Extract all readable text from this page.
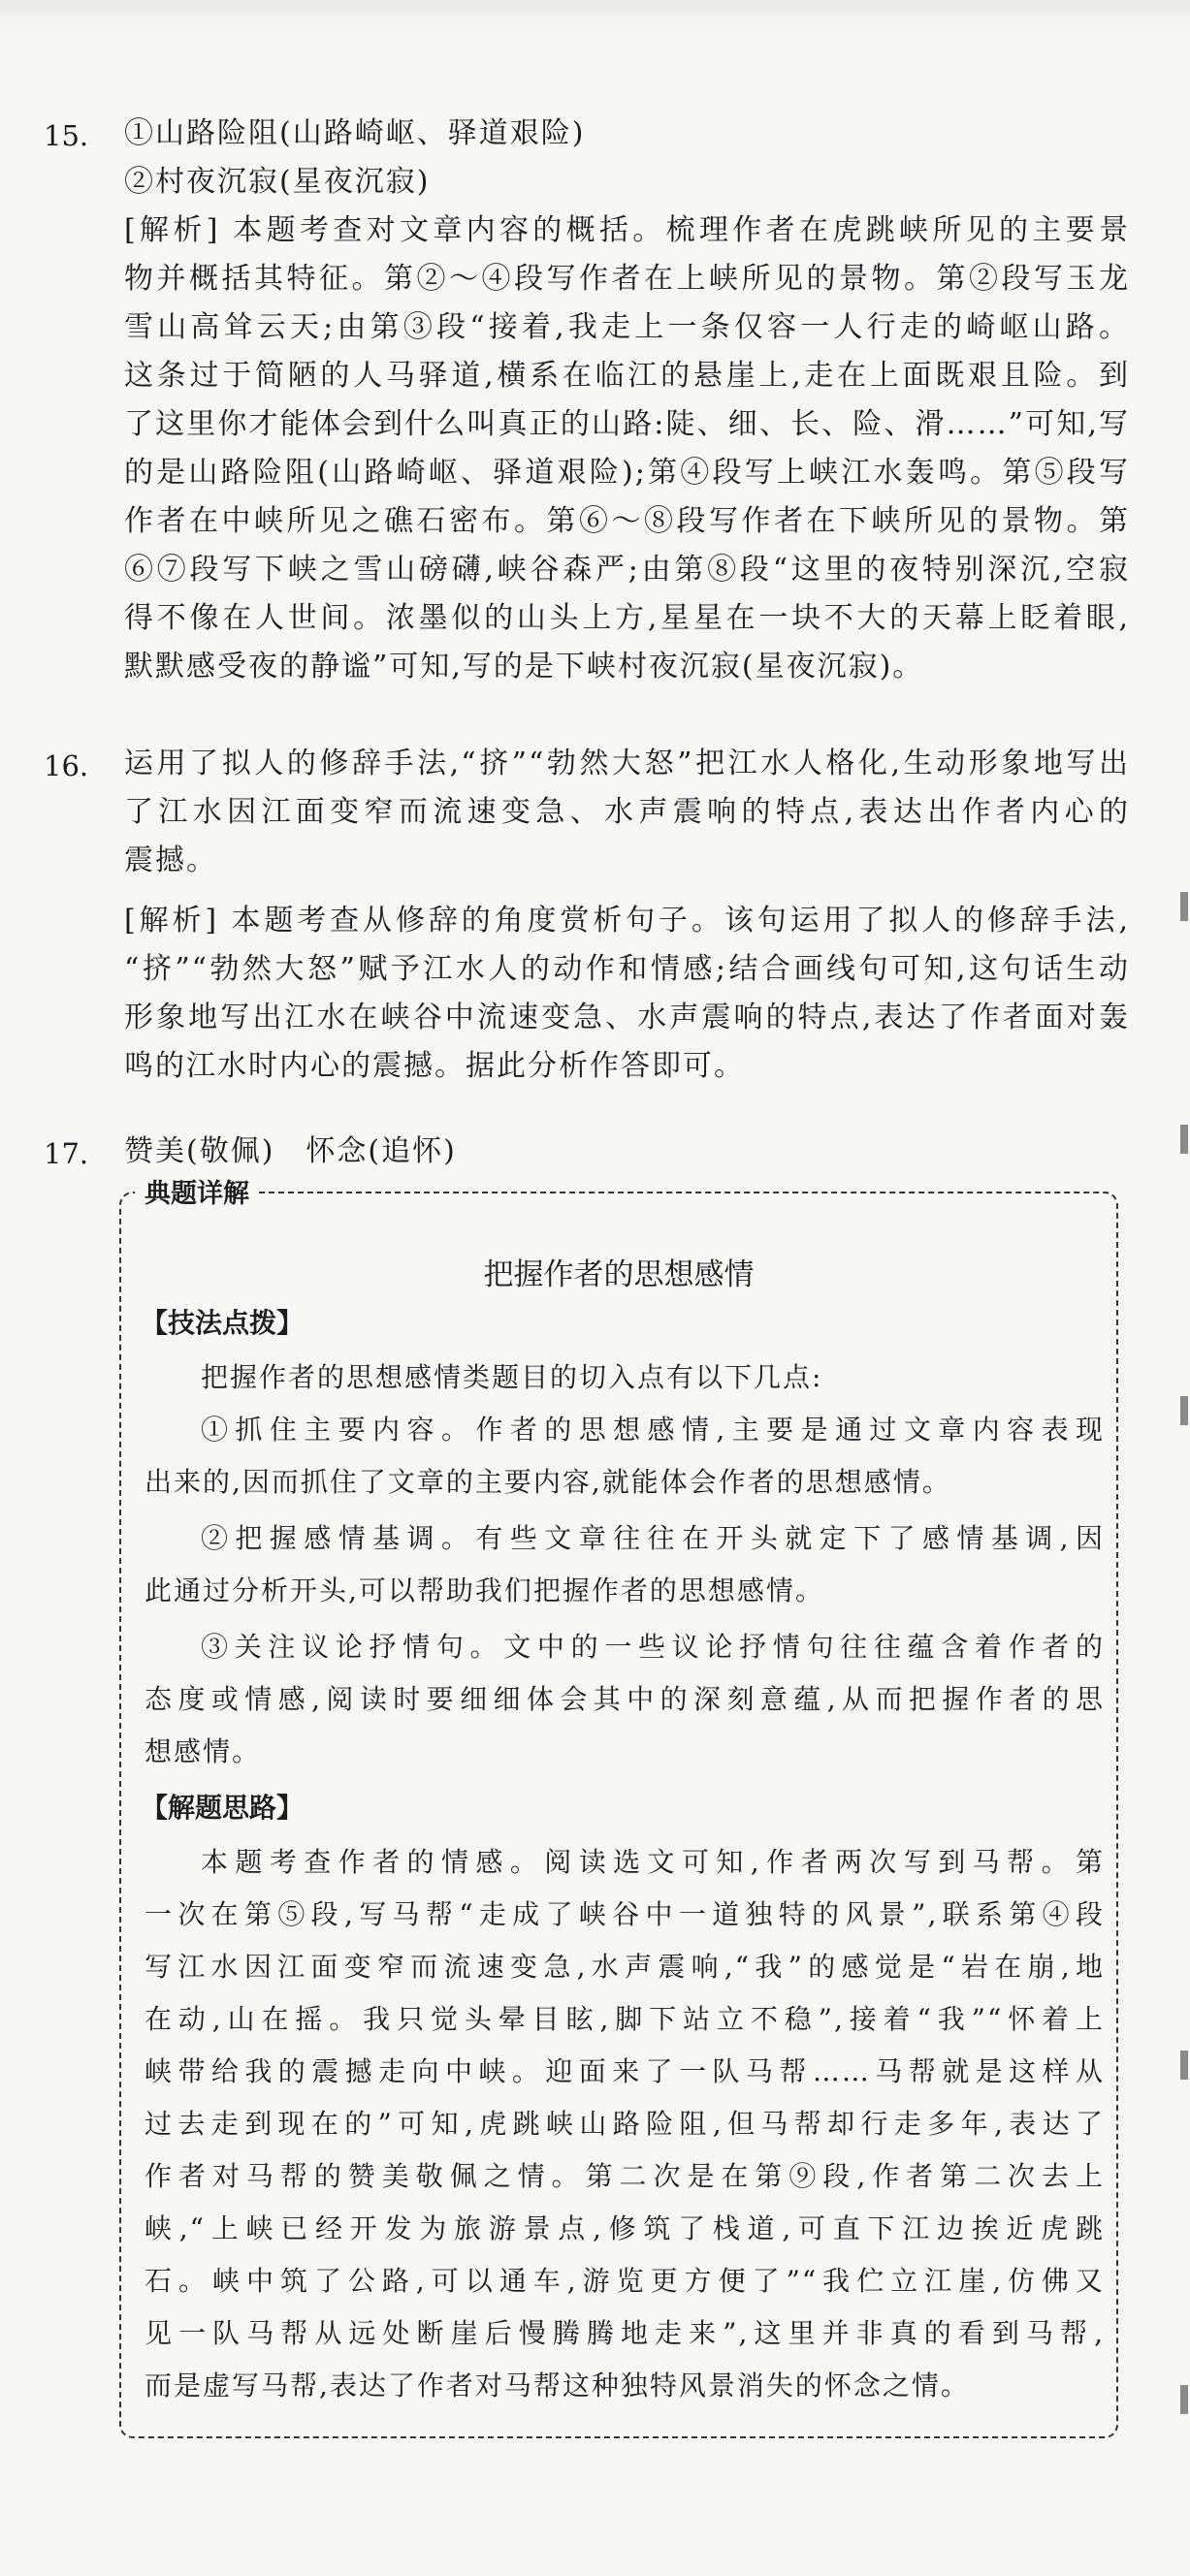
15. ①山路险阻(山路崎岖、驿道艰险)

②村夜沉寂(星夜沉寂)

[解析] 本题考查对文章内容的概括。梳理作者在虎跳峡所见的主要景

物并概括其特征。第②～④段写作者在上峡所见的景物。第②段写玉龙

雪山高耸云天;由第③段“接着,我走上一条仅容一人行走的崎岖山路。

这条过于简陋的人马驿道,横系在临江的悬崖上,走在上面既艰且险。到

了这里你才能体会到什么叫真正的山路:陡、细、长、险、滑……”可知,写

的是山路险阻(山路崎岖、驿道艰险);第④段写上峡江水轰鸣。第⑤段写

作者在中峡所见之礁石密布。第⑥～⑧段写作者在下峡所见的景物。第

⑥⑦段写下峡之雪山磅礴,峡谷森严;由第⑧段“这里的夜特别深沉,空寂

得不像在人世间。浓墨似的山头上方,星星在一块不大的天幕上眨着眼,

默默感受夜的静谧”可知,写的是下峡村夜沉寂(星夜沉寂)。

16. 运用了拟人的修辞手法,“挤”“勃然大怒”把江水人格化,生动形象地写出

了江水因江面变窄而流速变急、水声震响的特点,表达出作者内心的

震撼。

[解析] 本题考查从修辞的角度赏析句子。该句运用了拟人的修辞手法,

“挤”“勃然大怒”赋予江水人的动作和情感;结合画线句可知,这句话生动

形象地写出江水在峡谷中流速变急、水声震响的特点,表达了作者面对轰

鸣的江水时内心的震撼。据此分析作答即可。

17. 赞美(敬佩)　怀念(追怀)

典题详解
把握作者的思想感情
【技法点拨】

把握作者的思想感情类题目的切入点有以下几点:

①抓住主要内容。作者的思想感情,主要是通过文章内容表现

出来的,因而抓住了文章的主要内容,就能体会作者的思想感情。

②把握感情基调。有些文章往往在开头就定下了感情基调,因

此通过分析开头,可以帮助我们把握作者的思想感情。

③关注议论抒情句。文中的一些议论抒情句往往蕴含着作者的

态度或情感,阅读时要细细体会其中的深刻意蕴,从而把握作者的思

想感情。

【解题思路】

本题考查作者的情感。阅读选文可知,作者两次写到马帮。第

一次在第⑤段,写马帮“走成了峡谷中一道独特的风景”,联系第④段

写江水因江面变窄而流速变急,水声震响,“我”的感觉是“岩在崩,地

在动,山在摇。我只觉头晕目眩,脚下站立不稳”,接着“我”“怀着上

峡带给我的震撼走向中峡。迎面来了一队马帮……马帮就是这样从

过去走到现在的”可知,虎跳峡山路险阻,但马帮却行走多年,表达了

作者对马帮的赞美敬佩之情。第二次是在第⑨段,作者第二次去上

峡,“上峡已经开发为旅游景点,修筑了栈道,可直下江边挨近虎跳

石。峡中筑了公路,可以通车,游览更方便了”“我伫立江崖,仿佛又

见一队马帮从远处断崖后慢腾腾地走来”,这里并非真的看到马帮,

而是虚写马帮,表达了作者对马帮这种独特风景消失的怀念之情。
